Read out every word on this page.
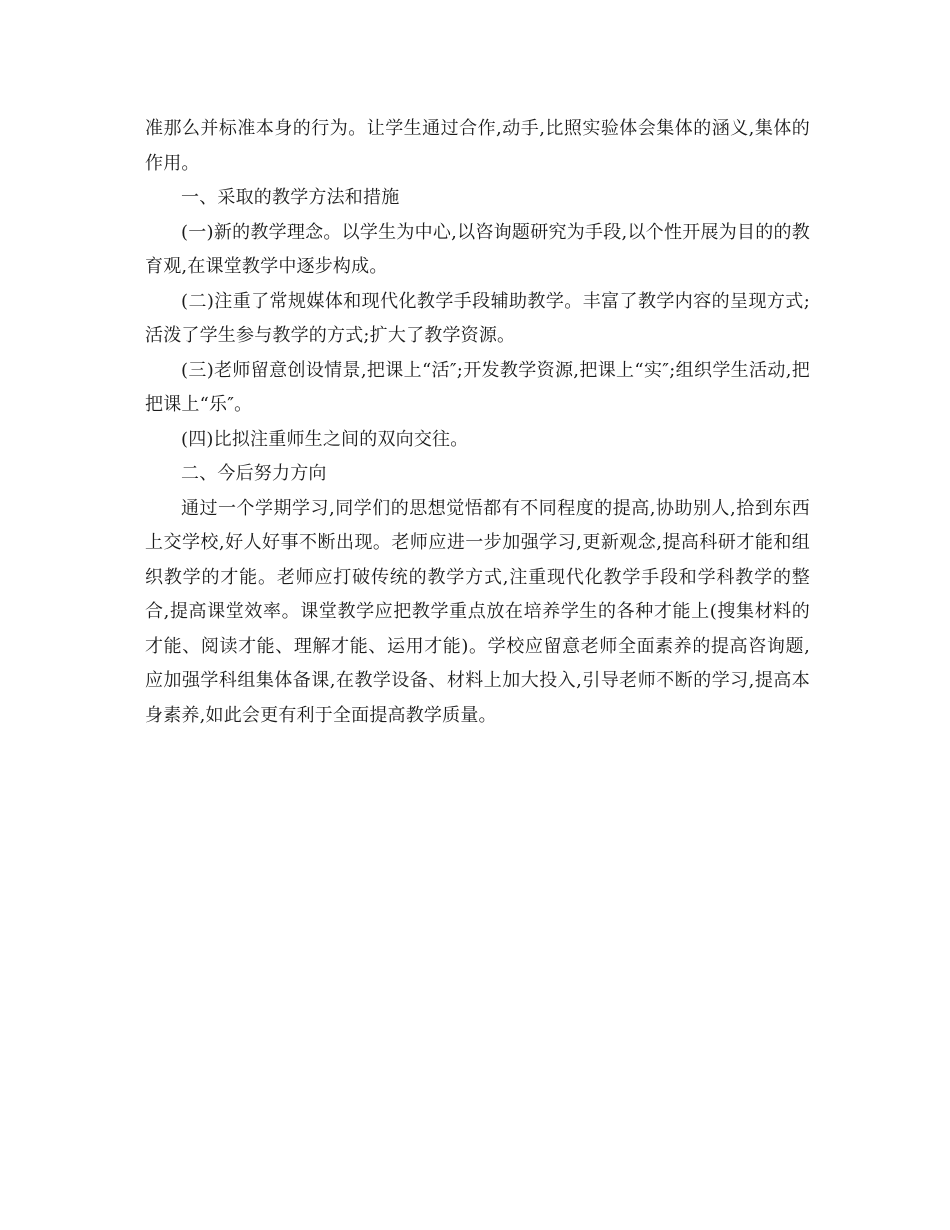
准那么并标准本身的行为。让学生通过合作,动手,比照实验体会集体的涵义,集体的作用。

一、采取的教学方法和措施

(一)新的教学理念。以学生为中心,以咨询题研究为手段,以个性开展为目的的教育观,在课堂教学中逐步构成。

(二)注重了常规媒体和现代化教学手段辅助教学。丰富了教学内容的呈现方式;活泼了学生参与教学的方式;扩大了教学资源。

(三)老师留意创设情景,把课上“活″;开发教学资源,把课上“实″;组织学生活动,把把课上“乐″。

(四)比拟注重师生之间的双向交往。

二、今后努力方向

通过一个学期学习,同学们的思想觉悟都有不同程度的提高,协助别人,拾到东西上交学校,好人好事不断出现。老师应进一步加强学习,更新观念,提高科研才能和组织教学的才能。老师应打破传统的教学方式,注重现代化教学手段和学科教学的整合,提高课堂效率。课堂教学应把教学重点放在培养学生的各种才能上(搜集材料的才能、阅读才能、理解才能、运用才能)。学校应留意老师全面素养的提高咨询题,应加强学科组集体备课,在教学设备、材料上加大投入,引导老师不断的学习,提高本身素养,如此会更有利于全面提高教学质量。
